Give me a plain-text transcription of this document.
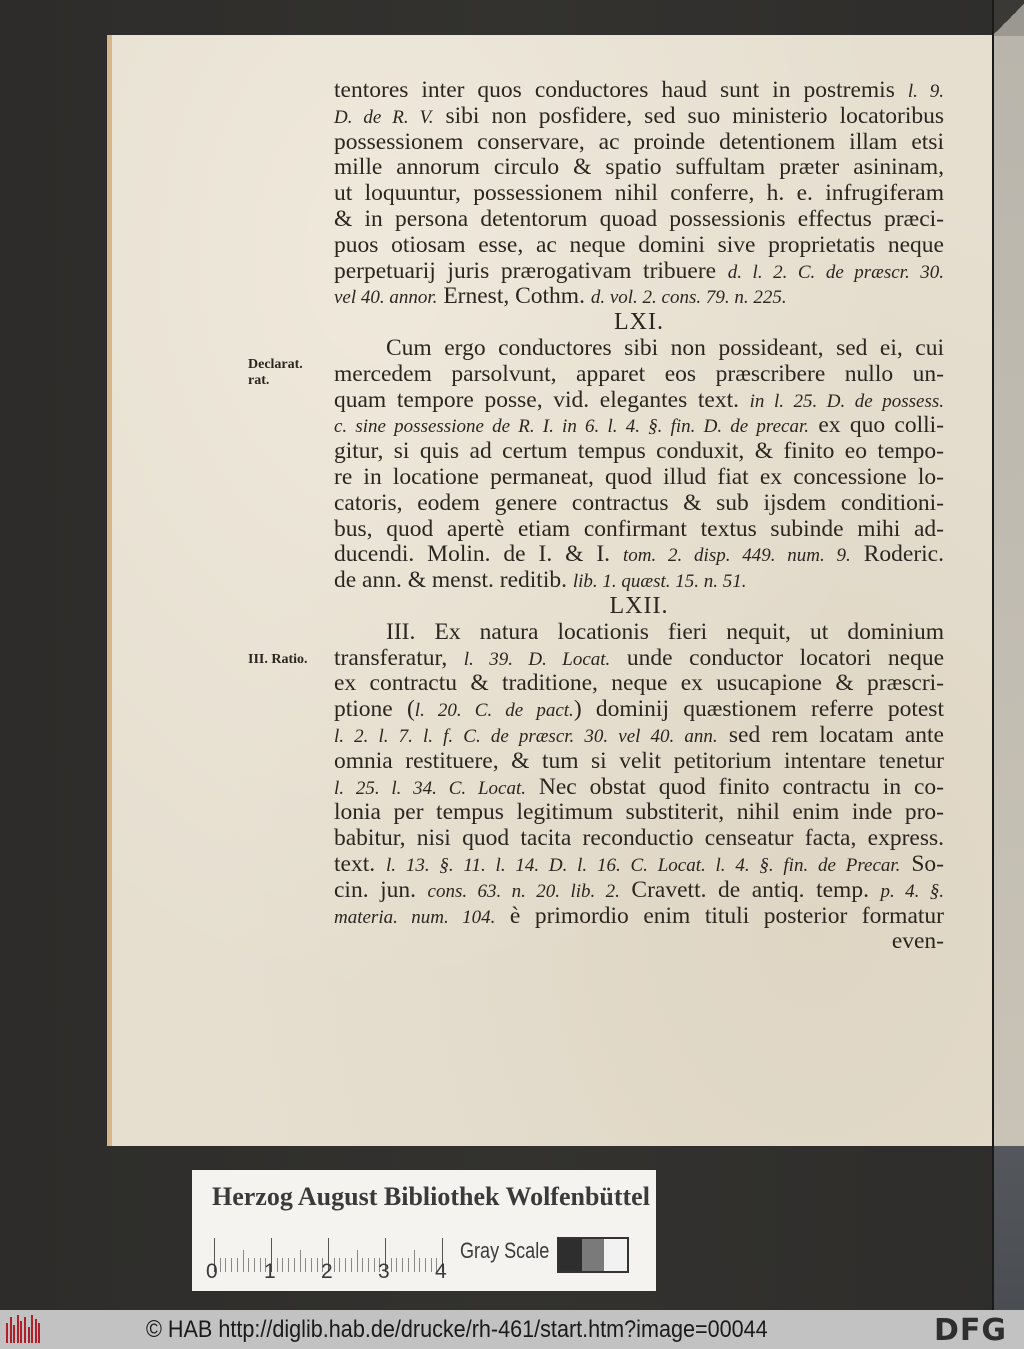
tentores inter quos conductores haud sunt in postremis l. 9.
D. de R. V. sibi non posfidere, sed suo ministerio locatoribus
possessionem conservare, ac proinde detentionem illam etsi
mille annorum circulo & spatio suffultam præter asininam,
ut loquuntur, possessionem nihil conferre, h. e. infrugiferam
& in persona detentorum quoad possessionis effectus præci-
puos otiosam esse, ac neque domini sive proprietatis neque
perpetuarij juris prærogativam tribuere d. l. 2. C. de præscr. 30.
vel 40. annor. Ernest, Cothm. d. vol. 2. cons. 79. n. 225.
LXI.
Cum ergo conductores sibi non possideant, sed ei, cui
mercedem parsolvunt, apparet eos præscribere nullo un-
quam tempore posse, vid. elegantes text. in l. 25. D. de possess.
c. sine possessione de R. I. in 6. l. 4. §. fin. D. de precar. ex quo colli-
gitur, si quis ad certum tempus conduxit, & finito eo tempo-
re in locatione permaneat, quod illud fiat ex concessione lo-
catoris, eodem genere contractus & sub ijsdem conditioni-
bus, quod apertè etiam confirmant textus subinde mihi ad-
ducendi. Molin. de I. & I. tom. 2. disp. 449. num. 9. Roderic.
de ann. & menst. reditib. lib. 1. quæst. 15. n. 51.
LXII.
III. Ex natura locationis fieri nequit, ut dominium
transferatur, l. 39. D. Locat. unde conductor locatori neque
ex contractu & traditione, neque ex usucapione & præscri-
ptione (l. 20. C. de pact.) dominij quæstionem referre potest
l. 2. l. 7. l. f. C. de præscr. 30. vel 40. ann. sed rem locatam ante
omnia restituere, & tum si velit petitorium intentare tenetur
l. 25. l. 34. C. Locat. Nec obstat quod finito contractu in co-
lonia per tempus legitimum substiterit, nihil enim inde pro-
babitur, nisi quod tacita reconductio censeatur facta, express.
text. l. 13. §. 11. l. 14. D. l. 16. C. Locat. l. 4. §. fin. de Precar. So-
cin. jun. cons. 63. n. 20. lib. 2. Cravett. de antiq. temp. p. 4. §.
materia. num. 104. è primordio enim tituli posterior formatur
even-
Declarat.
rat.
III. Ratio.
Herzog August Bibliothek Wolfenbüttel
Gray Scale
0 1 2 3 4
© HAB http://diglib.hab.de/drucke/rh-461/start.htm?image=00044	DFG
